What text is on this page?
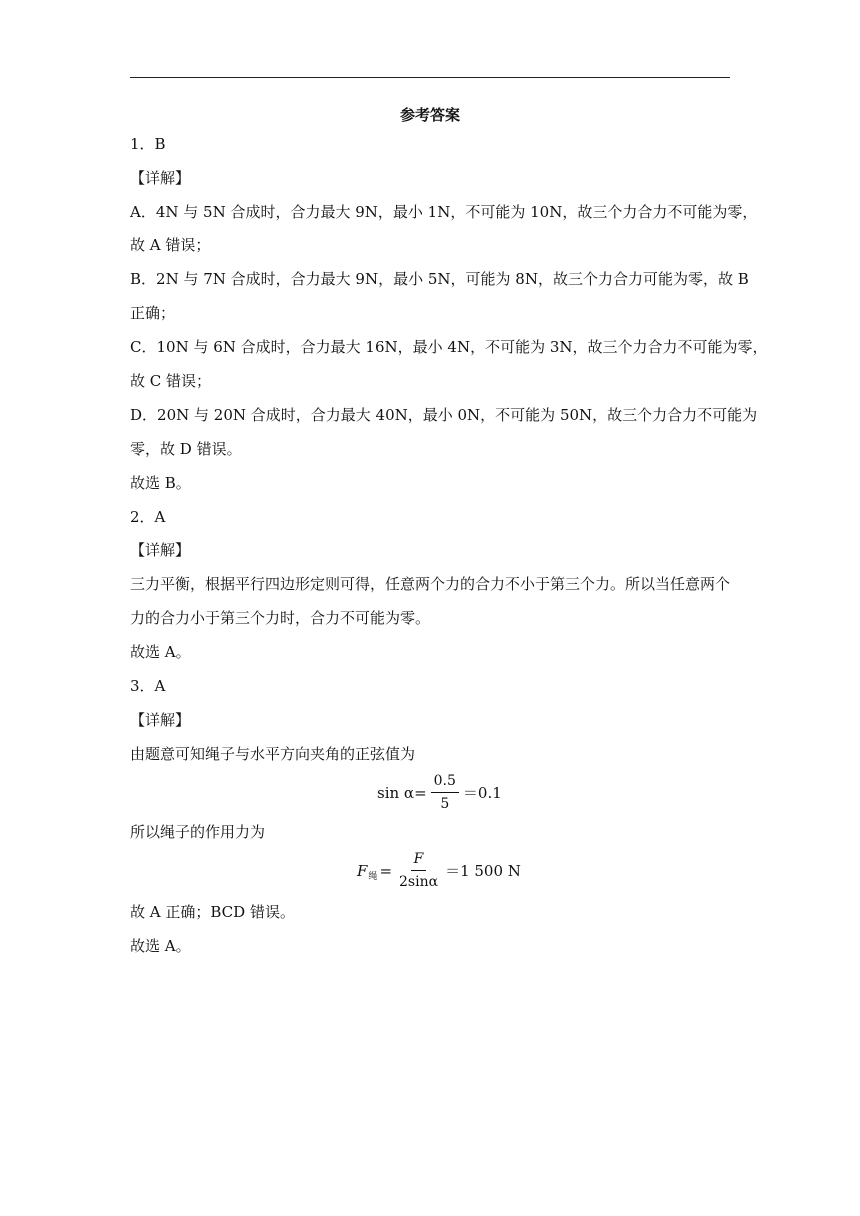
参考答案
1．B
【详解】
A．4N 与 5N 合成时，合力最大 9N，最小 1N，不可能为 10N，故三个力合力不可能为零，
故 A 错误；
B．2N 与 7N 合成时，合力最大 9N，最小 5N，可能为 8N，故三个力合力可能为零，故 B
正确；
C．10N 与 6N 合成时，合力最大 16N，最小 4N，不可能为 3N，故三个力合力不可能为零，
故 C 错误；
D．20N 与 20N 合成时，合力最大 40N，最小 0N，不可能为 50N，故三个力合力不可能为
零，故 D 错误。
故选 B。
2．A
【详解】
三力平衡，根据平行四边形定则可得，任意两个力的合力不小于第三个力。所以当任意两个
力的合力小于第三个力时，合力不可能为零。
故选 A。
3．A
【详解】
由题意可知绳子与水平方向夹角的正弦值为
$\sin \alpha = \frac{0.5}{5} =0.1$
所以绳子的作用力为
F 绳 = $\frac{F}{2\sin\alpha} =1$ 500 N
故 A 正确；BCD 错误。
故选 A。
